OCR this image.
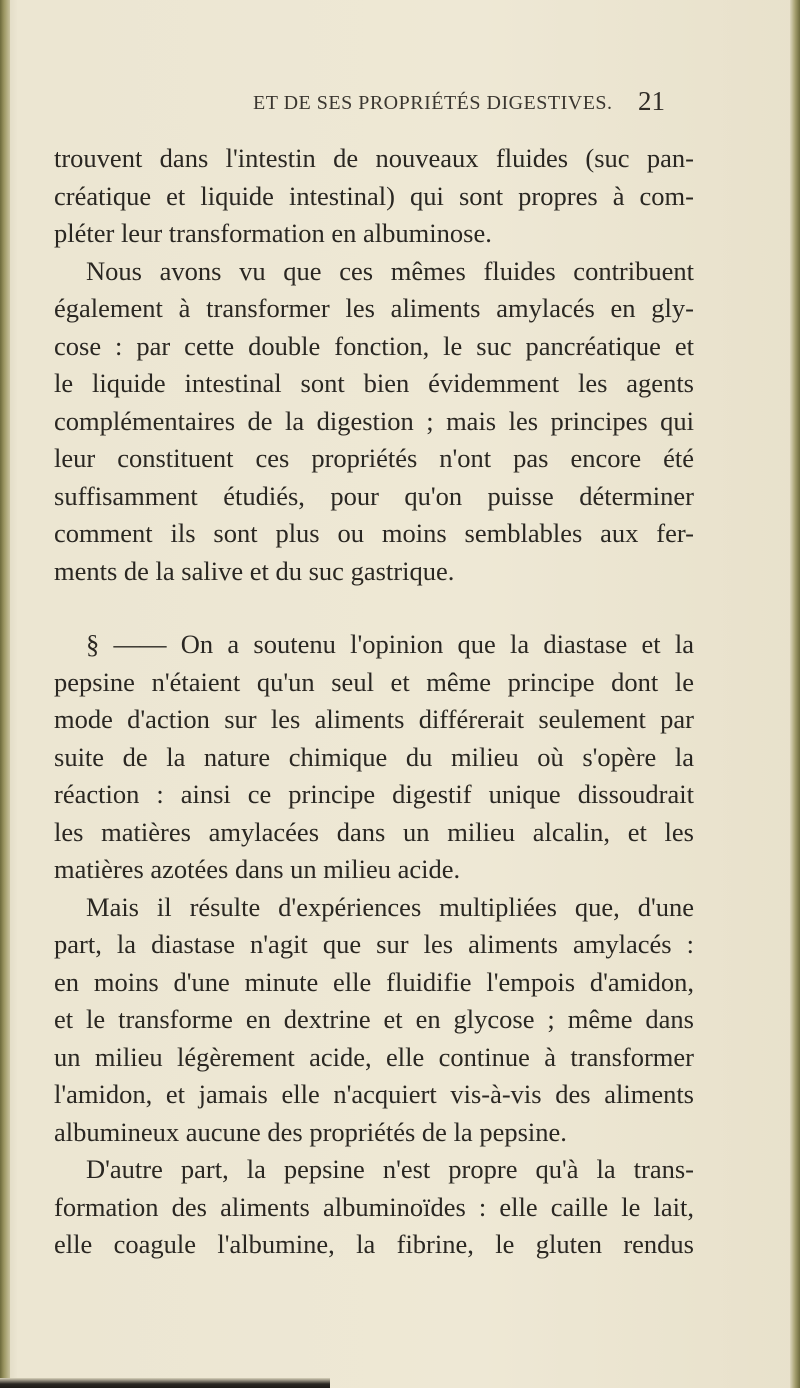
ET DE SES PROPRIÉTÉS DIGESTIVES. 21
trouvent dans l'intestin de nouveaux fluides (suc pan-
créatique et liquide intestinal) qui sont propres à com-
pléter leur transformation en albuminose.
Nous avons vu que ces mêmes fluides contribuent
également à transformer les aliments amylacés en gly-
cose : par cette double fonction, le suc pancréatique et
le liquide intestinal sont bien évidemment les agents
complémentaires de la digestion ; mais les principes qui
leur constituent ces propriétés n'ont pas encore été
suffisamment étudiés, pour qu'on puisse déterminer
comment ils sont plus ou moins semblables aux fer-
ments de la salive et du suc gastrique.
§ —— On a soutenu l'opinion que la diastase et la
pepsine n'étaient qu'un seul et même principe dont le
mode d'action sur les aliments différerait seulement par
suite de la nature chimique du milieu où s'opère la
réaction : ainsi ce principe digestif unique dissoudrait
les matières amylacées dans un milieu alcalin, et les
matières azotées dans un milieu acide.
Mais il résulte d'expériences multipliées que, d'une
part, la diastase n'agit que sur les aliments amylacés :
en moins d'une minute elle fluidifie l'empois d'amidon,
et le transforme en dextrine et en glycose ; même dans
un milieu légèrement acide, elle continue à transformer
l'amidon, et jamais elle n'acquiert vis-à-vis des aliments
albumineux aucune des propriétés de la pepsine.
D'autre part, la pepsine n'est propre qu'à la trans-
formation des aliments albuminoïdes : elle caille le lait,
elle coagule l'albumine, la fibrine, le gluten rendus
